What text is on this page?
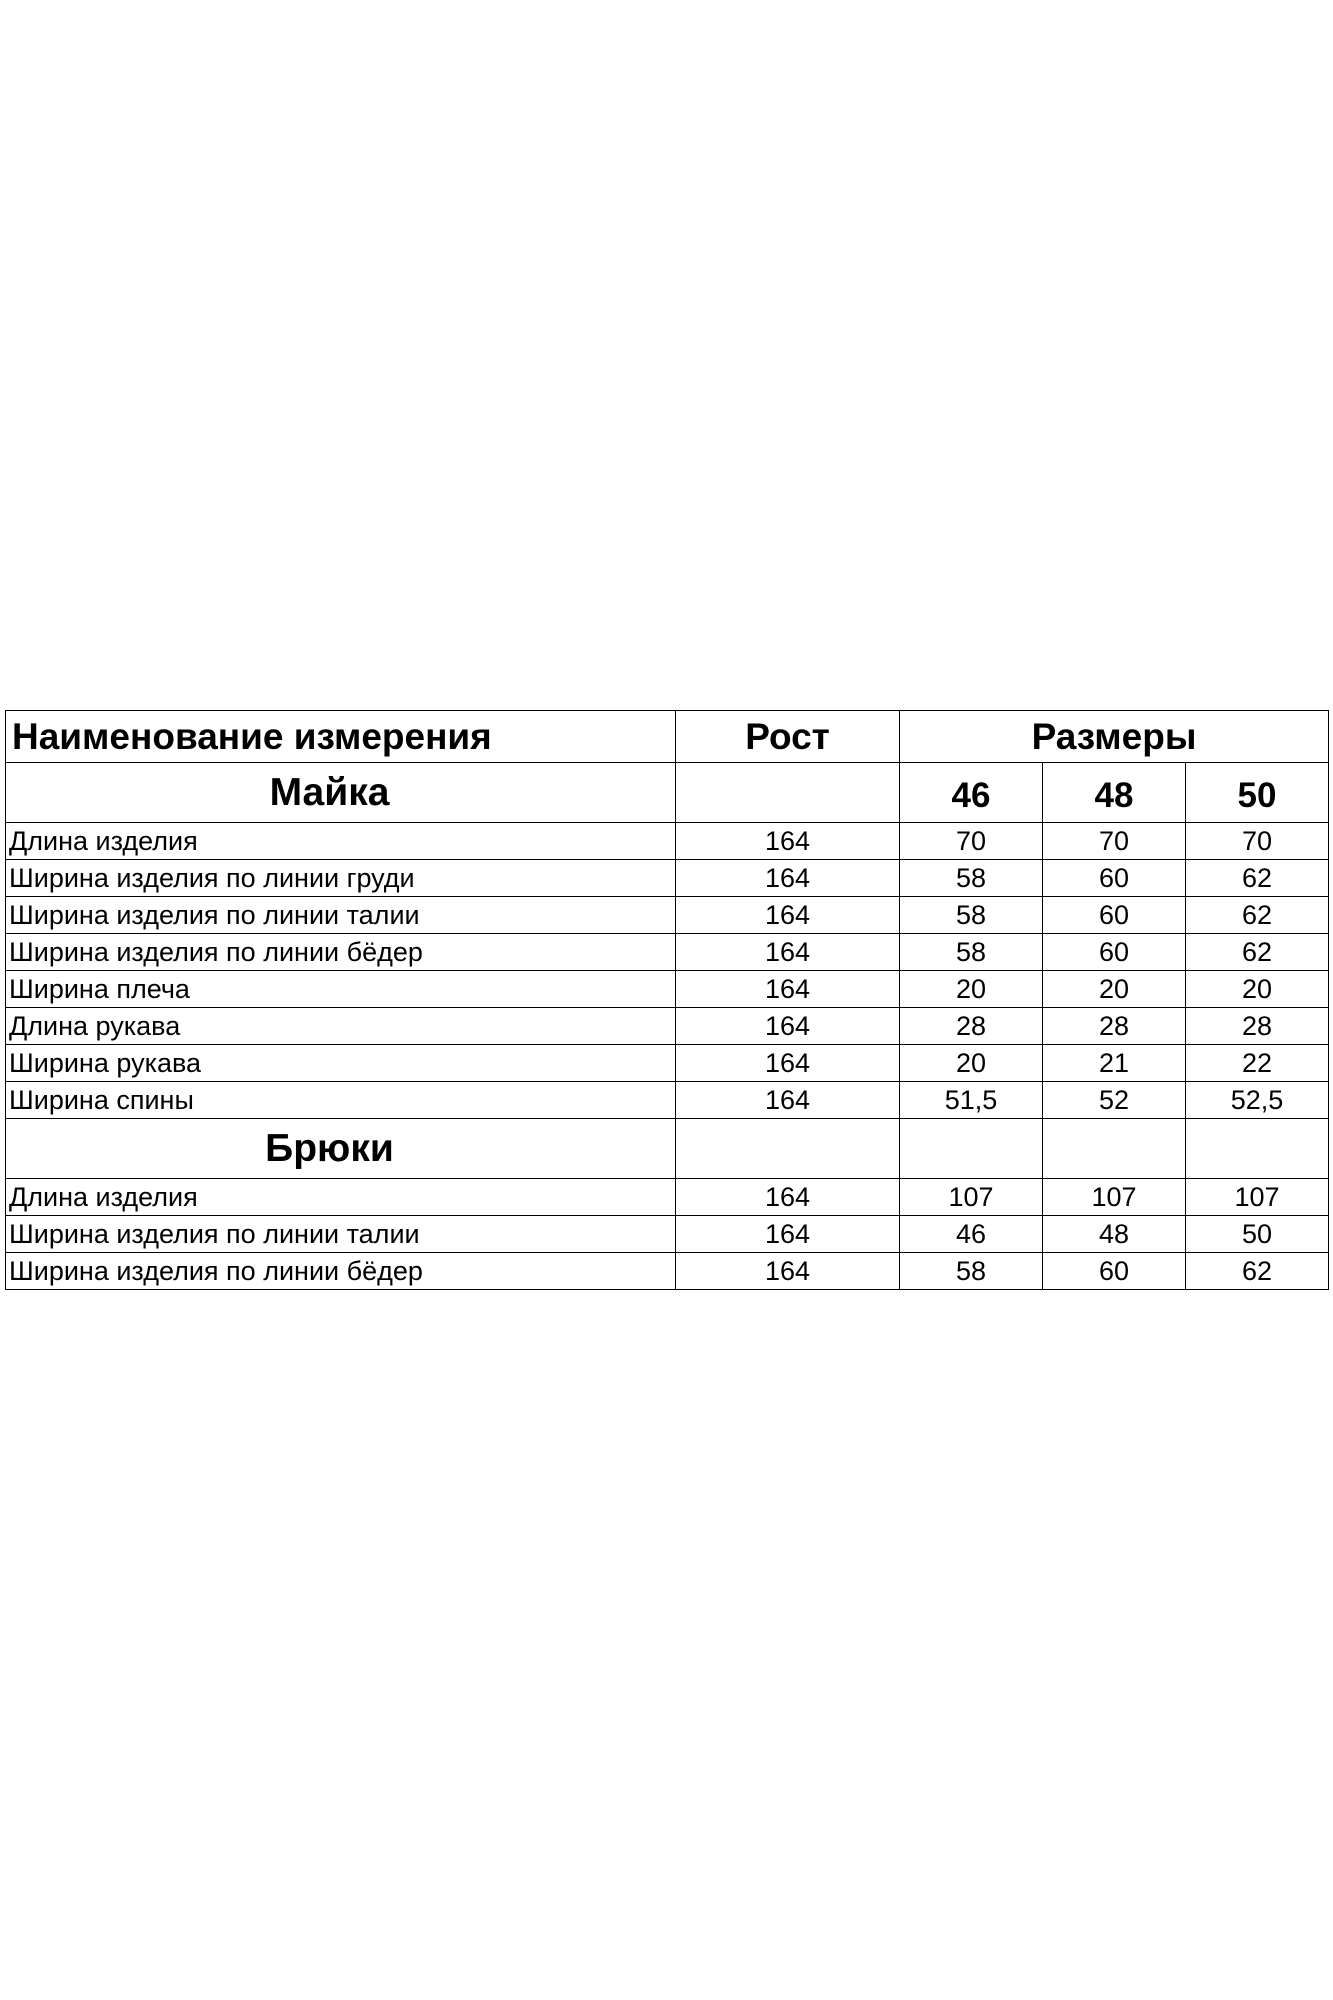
Наименование измерения	Рост	Размеры		
Майка		46	48	50
Длина изделия	164	70	70	70
Ширина изделия по линии груди	164	58	60	62
Ширина изделия по линии талии	164	58	60	62
Ширина изделия по линии бёдер	164	58	60	62
Ширина плеча	164	20	20	20
Длина рукава	164	28	28	28
Ширина рукава	164	20	21	22
Ширина спины	164	51,5	52	52,5
Брюки				
Длина изделия	164	107	107	107
Ширина изделия по линии талии	164	46	48	50
Ширина изделия по линии бёдер	164	58	60	62
